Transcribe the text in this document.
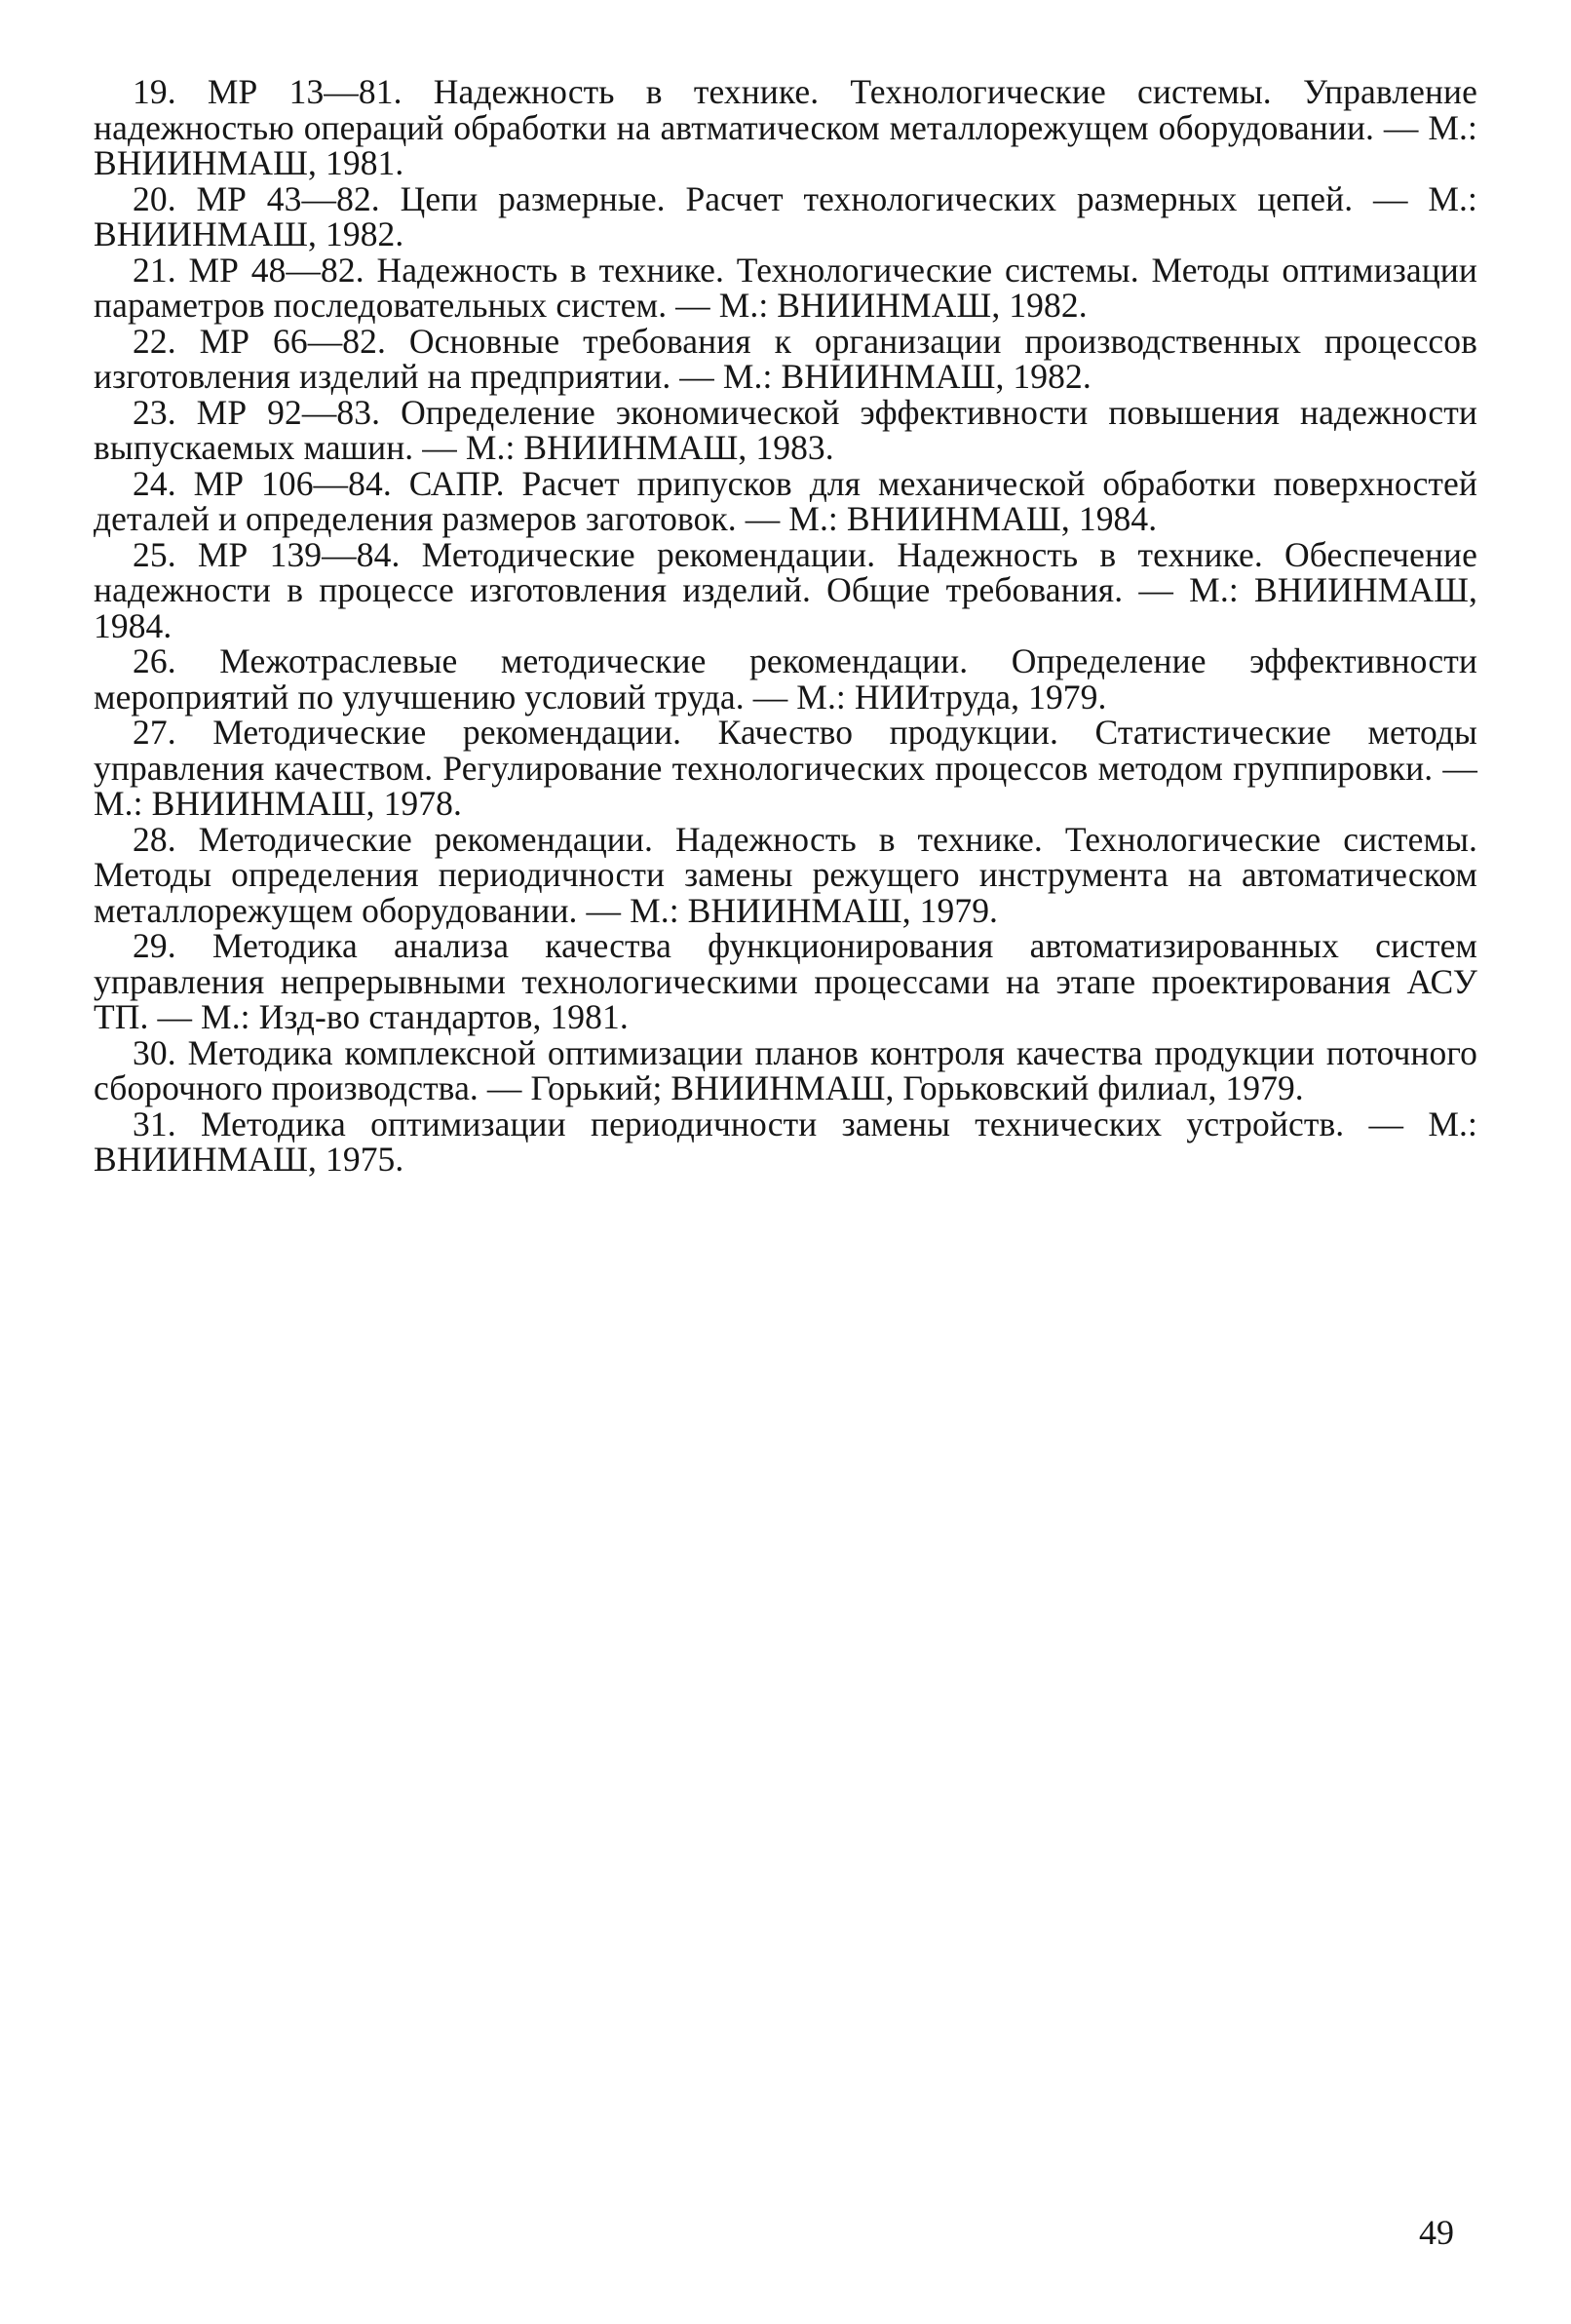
19. МР 13—81. Надежность в технике. Технологические системы. Управление надежностью операций обработки на автматическом металлорежущем оборудовании. — М.: ВНИИНМАШ, 1981.
20. МР 43—82. Цепи размерные. Расчет технологических размерных цепей. — М.: ВНИИНМАШ, 1982.
21. МР 48—82. Надежность в технике. Технологические системы. Методы оптимизации параметров последовательных систем. — М.: ВНИИНМАШ, 1982.
22. МР 66—82. Основные требования к организации производственных процессов изготовления изделий на предприятии. — М.: ВНИИНМАШ, 1982.
23. МР 92—83. Определение экономической эффективности повышения надежности выпускаемых машин. — М.: ВНИИНМАШ, 1983.
24. МР 106—84. САПР. Расчет припусков для механической обработки поверхностей деталей и определения размеров заготовок. — М.: ВНИИНМАШ, 1984.
25. МР 139—84. Методические рекомендации. Надежность в технике. Обеспечение надежности в процессе изготовления изделий. Общие требования. — М.: ВНИИНМАШ, 1984.
26. Межотраслевые методические рекомендации. Определение эффективности мероприятий по улучшению условий труда. — М.: НИИтруда, 1979.
27. Методические рекомендации. Качество продукции. Статистические методы управления качеством. Регулирование технологических процессов методом группировки. — М.: ВНИИНМАШ, 1978.
28. Методические рекомендации. Надежность в технике. Технологические системы. Методы определения периодичности замены режущего инструмента на автоматическом металлорежущем оборудовании. — М.: ВНИИНМАШ, 1979.
29. Методика анализа качества функционирования автоматизированных систем управления непрерывными технологическими процессами на этапе проектирования АСУ ТП. — М.: Изд-во стандартов, 1981.
30. Методика комплексной оптимизации планов контроля качества продукции поточного сборочного производства. — Горький; ВНИИНМАШ, Горьковский филиал, 1979.
31. Методика оптимизации периодичности замены технических устройств. — М.: ВНИИНМАШ, 1975.
49
